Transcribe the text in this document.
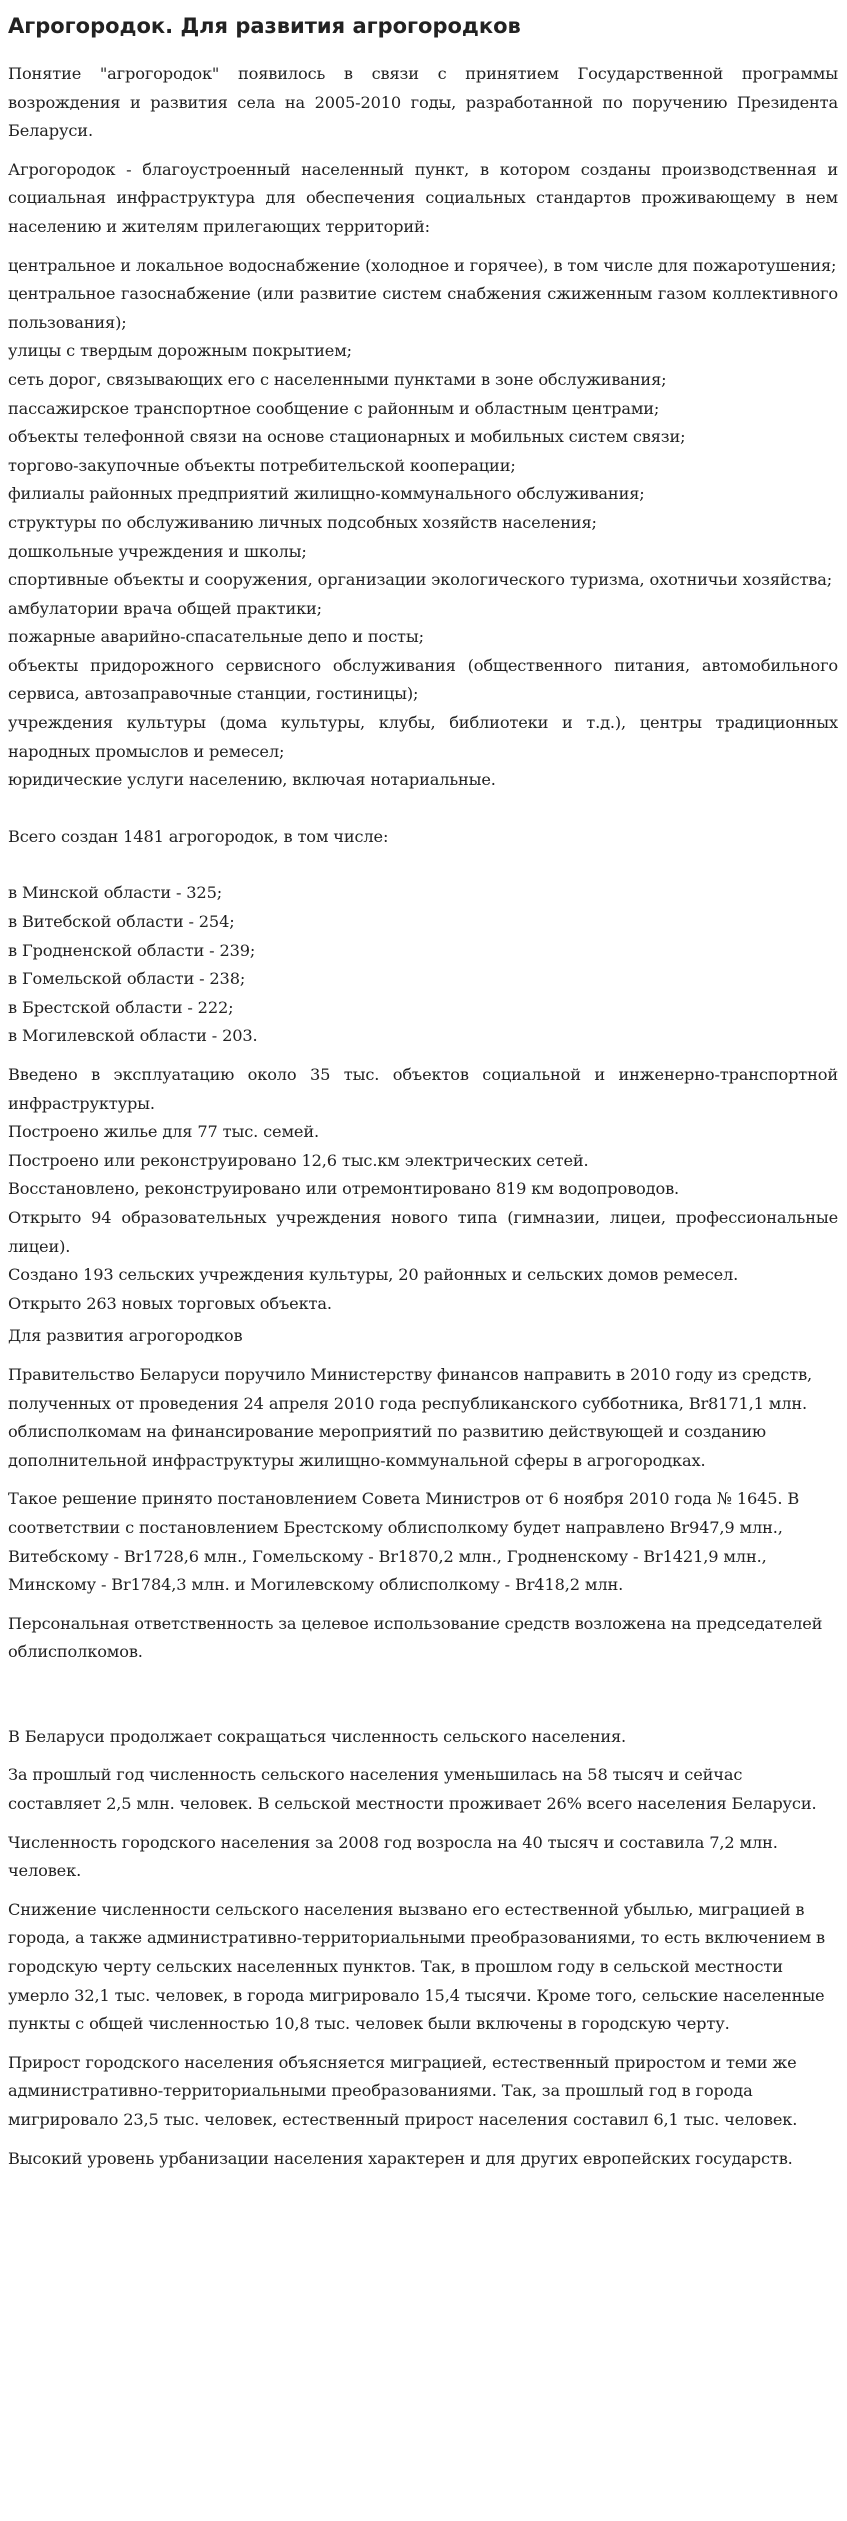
Агрогородок. Для развития агрогородков

Понятие "агрогородок" появилось в связи с принятием Государственной программы возрождения и развития села на 2005-2010 годы, разработанной по поручению Президента Беларуси.

Агрогородок - благоустроенный населенный пункт, в котором созданы производственная и социальная инфраструктура для обеспечения социальных стандартов проживающему в нем населению и жителям прилегающих территорий:

центральное и локальное водоснабжение (холодное и горячее), в том числе для пожаротушения;
центральное газоснабжение (или развитие систем снабжения сжиженным газом коллективного пользования);
улицы с твердым дорожным покрытием;
сеть дорог, связывающих его с населенными пунктами в зоне обслуживания;
пассажирское транспортное сообщение с районным и областным центрами;
объекты телефонной связи на основе стационарных и мобильных систем связи;
торгово-закупочные объекты потребительской кооперации;
филиалы районных предприятий жилищно-коммунального обслуживания;
структуры по обслуживанию личных подсобных хозяйств населения;
дошкольные учреждения и школы;
спортивные объекты и сооружения, организации экологического туризма, охотничьи хозяйства;
амбулатории врача общей практики;
пожарные аварийно-спасательные депо и посты;
объекты придорожного сервисного обслуживания (общественного питания, автомобильного сервиса, автозаправочные станции, гостиницы);
учреждения культуры (дома культуры, клубы, библиотеки и т.д.), центры традиционных народных промыслов и ремесел;
юридические услуги населению, включая нотариальные.

Всего создан 1481 агрогородок, в том числе:

в Минской области - 325;
в Витебской области - 254;
в Гродненской области - 239;
в Гомельской области - 238;
в Брестской области - 222;
в Могилевской области - 203.
Введено в эксплуатацию около 35 тыс. объектов социальной и инженерно-транспортной инфраструктуры.
Построено жилье для 77 тыс. семей.
Построено или реконструировано 12,6 тыс.км электрических сетей.
Восстановлено, реконструировано или отремонтировано 819 км водопроводов.
Открыто 94 образовательных учреждения нового типа (гимназии, лицеи, профессиональные лицеи).
Создано 193 сельских учреждения культуры, 20 районных и сельских домов ремесел.
Открыто 263 новых торговых объекта.

Для развития агрогородков

Правительство Беларуси поручило Министерству финансов направить в 2010 году из средств, полученных от проведения 24 апреля 2010 года республиканского субботника, Br8171,1 млн. облисполкомам на финансирование мероприятий по развитию действующей и созданию дополнительной инфраструктуры жилищно-коммунальной сферы в агрогородках.

Такое решение принято постановлением Совета Министров от 6 ноября 2010 года № 1645. В соответствии с постановлением Брестскому облисполкому будет направлено Br947,9 млн., Витебскому - Br1728,6 млн., Гомельскому - Br1870,2 млн., Гродненскому - Br1421,9 млн., Минскому - Br1784,3 млн. и Могилевскому облисполкому - Br418,2 млн.

Персональная ответственность за целевое использование средств возложена на председателей облисполкомов.

В Беларуси продолжает сокращаться численность сельского населения.

За прошлый год численность сельского населения уменьшилась на 58 тысяч и сейчас составляет 2,5 млн. человек. В сельской местности проживает 26% всего населения Беларуси.

Численность городского населения за 2008 год возросла на 40 тысяч и составила 7,2 млн. человек.

Снижение численности сельского населения вызвано его естественной убылью, миграцией в города, а также административно-территориальными преобразованиями, то есть включением в городскую черту сельских населенных пунктов. Так, в прошлом году в сельской местности умерло 32,1 тыс. человек, в города мигрировало 15,4 тысячи. Кроме того, сельские населенные пункты с общей численностью 10,8 тыс. человек были включены в городскую черту.

Прирост городского населения объясняется миграцией, естественный приростом и теми же административно-территориальными преобразованиями. Так, за прошлый год в города мигрировало 23,5 тыс. человек, естественный прирост населения составил 6,1 тыс. человек.

Высокий уровень урбанизации населения характерен и для других европейских государств.
